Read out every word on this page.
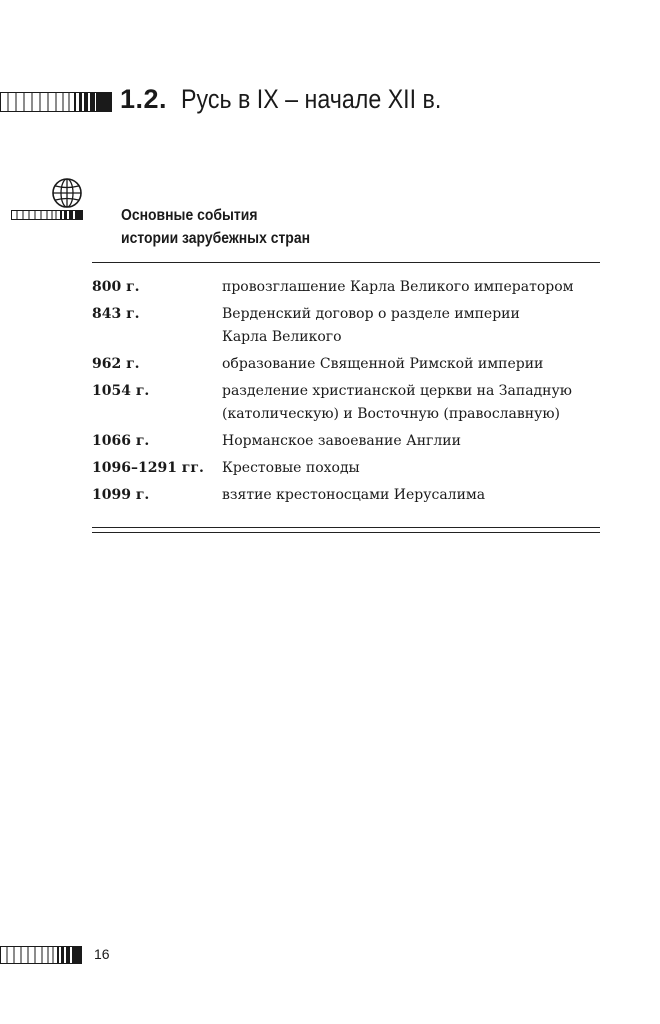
1.2. Русь в IX – начале XII в.
Основные события
истории зарубежных стран
800 г.	провозглашение Карла Великого императором
843 г.	Верденский договор о разделе империи
Карла Великого
962 г.	образование Священной Римской империи
1054 г.	разделение христианской церкви на Западную
(католическую) и Восточную (православную)
1066 г.	Норманское завоевание Англии
1096–1291 гг.	Крестовые походы
1099 г.	взятие крестоносцами Иерусалима
16
